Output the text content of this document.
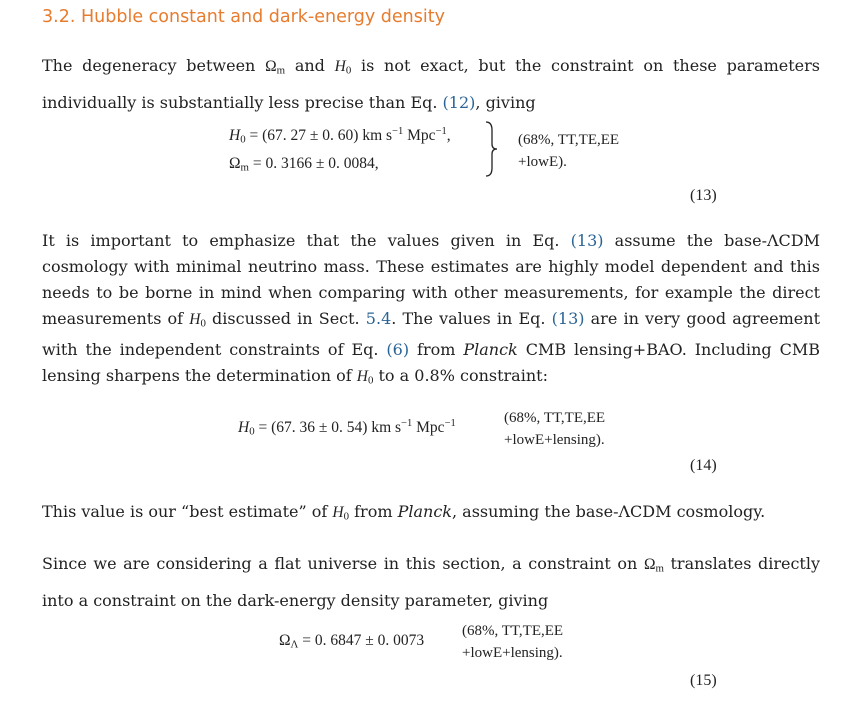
3.2. Hubble constant and dark-energy density

The degeneracy between $\Omega_m$ and $H_0$ is not exact, but the constraint on these parameters individually is substantially less precise than Eq. (12), giving

$H_0 = (67$. 27 ± 0. 60) km $s^{-1}$ Mpc$^{-1}$,
$\Omega_m = 0$. 3166 ± 0. 0084,
(68%, TT,TE,EE
+lowE).
(13)

It is important to emphasize that the values given in Eq. (13) assume the base-ΛCDM cosmology with minimal neutrino mass. These estimates are highly model dependent and this needs to be borne in mind when comparing with other measurements, for example the direct measurements of $H_0$ discussed in Sect. 5.4. The values in Eq. (13) are in very good agreement with the independent constraints of Eq. (6) from Planck CMB lensing+BAO. Including CMB lensing sharpens the determination of $H_0$ to a 0.8% constraint:

$H_0 = (67$. 36 ± 0. 54) km $s^{-1}$ Mpc$^{-1}$	(68%, TT,TE,EE
+lowE+lensing).
(14)

This value is our “best estimate” of $H_0$ from Planck, assuming the base-ΛCDM cosmology.

Since we are considering a flat universe in this section, a constraint on $\Omega_m$ translates directly into a constraint on the dark-energy density parameter, giving

$\Omega_\Lambda = 0$. 6847 ± 0. 0073
(68%, TT,TE,EE
+lowE+lensing).
(15)
